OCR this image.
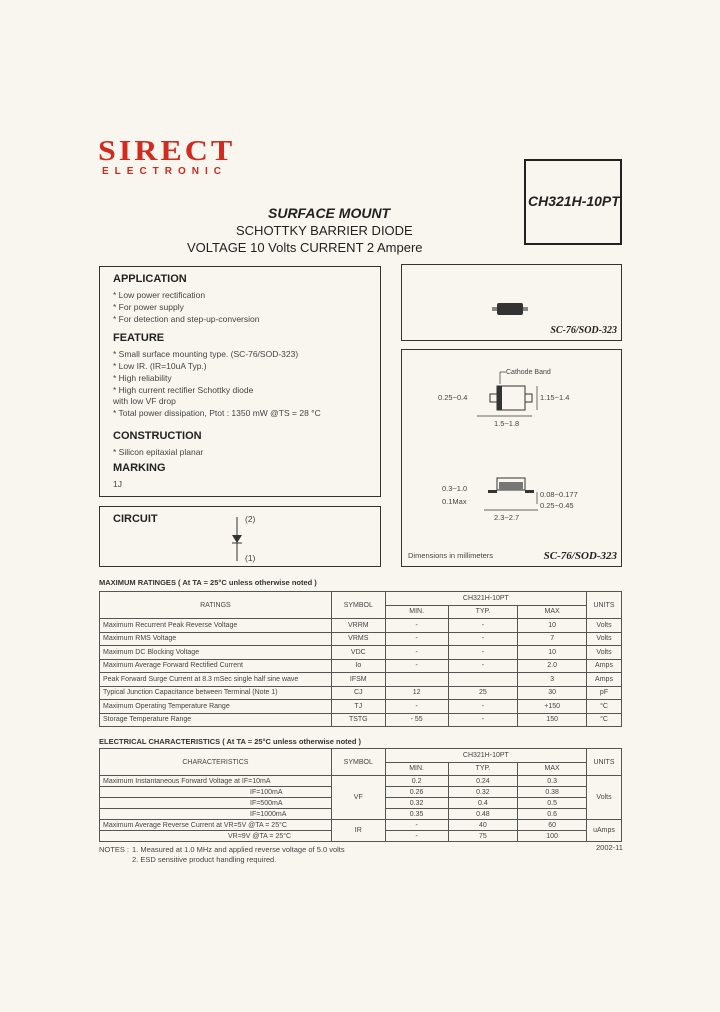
SIRECT
ELECTRONIC
CH321H-10PT
SURFACE MOUNT
SCHOTTKY BARRIER DIODE
VOLTAGE 10 Volts CURRENT 2 Ampere
APPLICATION
* Low power rectification
* For power supply
* For detection and step-up-conversion
FEATURE
* Small surface mounting type. (SC-76/SOD-323)
* Low IR. (IR=10uA Typ.)
* High reliability
* High current rectifier Schottky diode
with low VF drop
* Total power dissipation, Ptot : 1350 mW @TS = 28 °C
CONSTRUCTION
* Silicon epitaxial planar
MARKING
1J
CIRCUIT	(2)
(1)
SC-76/SOD-323
Cathode Band
0.25~0.4	1.15~1.4
1.5~1.8
0.3~1.0
0.1Max
0.08~0.177
0.25~0.45
2.3~2.7
Dimensions in millimeters	SC-76/SOD-323
MAXIMUM RATINGES ( At TA = 25°C unless otherwise noted )
RATINGS	SYMBOL	CH321H-10PT			UNITS
		MIN.	TYP.	MAX	
Maximum Recurrent Peak Reverse Voltage	VRRM	-	-	10	Volts
Maximum RMS Voltage	VRMS	-	-	7	Volts
Maximum DC Blocking Voltage	VDC	-	-	10	Volts
Maximum Average Forward Rectified Current	Io	-	-	2.0	Amps
Peak Forward Surge Current at 8.3 mSec single half sine wave	IFSM			3	Amps
Typical Junction Capacitance between Terminal (Note 1)	CJ	12	25	30	pF
Maximum Operating Temperature Range	TJ	-	-	+150	°C
Storage Temperature Range	TSTG	- 55	-	150	°C
ELECTRICAL CHARACTERISTICS ( At TA = 25°C unless otherwise noted )
CHARACTERISTICS	SYMBOL	CH321H-10PT			UNITS
		MIN.	TYP.	MAX	
Maximum Instantaneous Forward Voltage at IF=10mA	VF	0.2	0.24	0.3	Volts
IF=100mA		0.26	0.32	0.38	
IF=500mA		0.32	0.4	0.5	
IF=1000mA		0.35	0.48	0.6	
Maximum Average Reverse Current at VR=5V @TA = 25°C	IR	-	40	60	uAmps
VR=9V @TA = 25°C		-	75	100	
NOTES : 1. Measured at 1.0 MHz and applied reverse voltage of 5.0 volts
2. ESD sensitive product handling required.
2002-11
